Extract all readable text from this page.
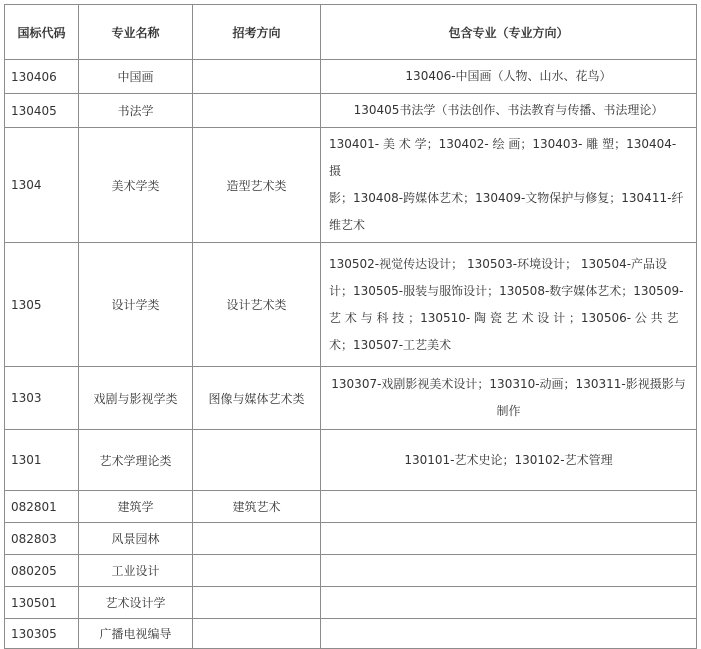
国标代码	专业名称	招考方向	包含专业（专业方向）
130406	中国画		130406-中国画（人物、山水、花鸟）
130405	书法学		130405书法学（书法创作、书法教育与传播、书法理论）
1304	美术学类	造型艺术类	130401- 美 术 学；130402- 绘 画；130403- 雕 塑；130404- 摄
影；130408-跨媒体艺术；130409-文物保护与修复；130411-纤
维艺术
1305	设计学类	设计艺术类	130502-视觉传达设计； 130503-环境设计； 130504-产品设
计；130505-服装与服饰设计；130508-数字媒体艺术；130509-
艺 术 与 科 技 ；130510- 陶 瓷 艺 术 设 计 ；130506- 公 共 艺
术；130507-工艺美术
1303	戏剧与影视学类	图像与媒体艺术类	130307-戏剧影视美术设计；130310-动画；130311-影视摄影与
制作
1301	艺术学理论类		130101-艺术史论；130102-艺术管理
082801	建筑学	建筑艺术	
082803	风景园林		
080205	工业设计		
130501	艺术设计学		
130305	广播电视编导		
